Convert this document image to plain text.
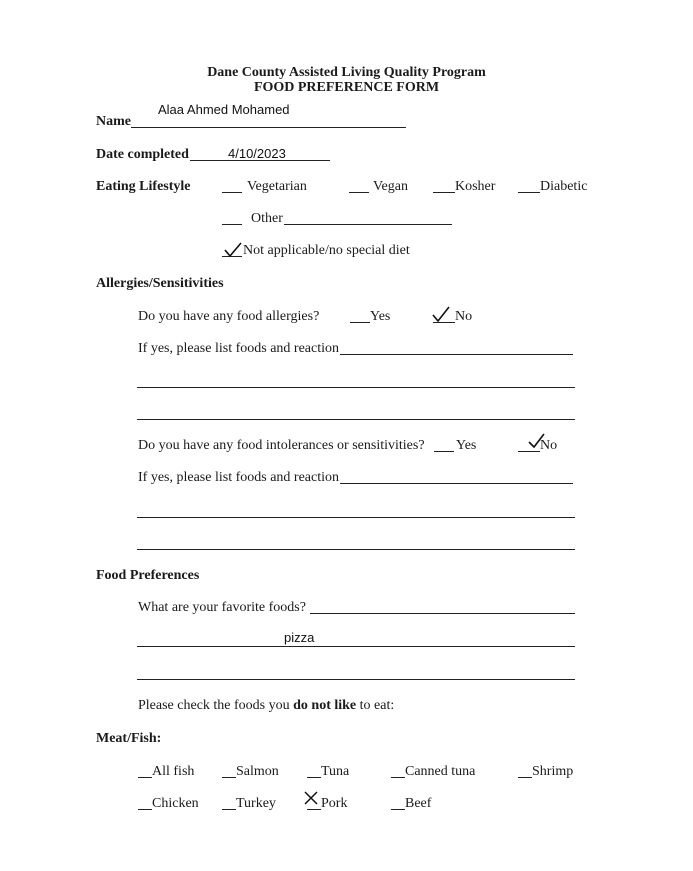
Dane County Assisted Living Quality Program
FOOD PREFERENCE FORM
Name
Alaa Ahmed Mohamed
Date completed	4/10/2023
Eating Lifestyle	Vegetarian	Vegan	Kosher	Diabetic
Other
Not applicable/no special diet
Allergies/Sensitivities
Do you have any food allergies?	Yes	No
If yes, please list foods and reaction
Do you have any food intolerances or sensitivities? Yes	No
If yes, please list foods and reaction
Food Preferences
What are your favorite foods?
pizza
Please check the foods you do not like to eat:
Meat/Fish:
All fish	Salmon	Tuna	Canned tuna	Shrimp
Chicken	Turkey	Pork	Beef
